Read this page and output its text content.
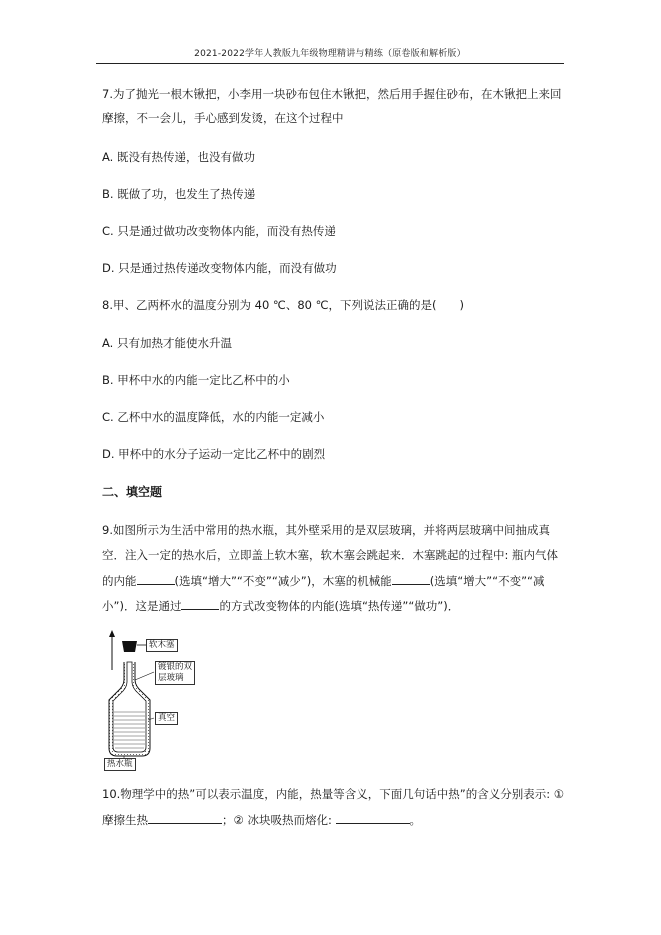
2021-2022学年人教版九年级物理精讲与精练（原卷版和解析版）
7.为了抛光一根木锹把，小李用一块砂布包住木锹把，然后用手握住砂布，在木锹把上来回
摩擦，不一会儿，手心感到发烫，在这个过程中
A. 既没有热传递，也没有做功
B. 既做了功，也发生了热传递
C. 只是通过做功改变物体内能，而没有热传递
D. 只是通过热传递改变物体内能，而没有做功
8.甲、乙两杯水的温度分别为 40 ℃、80 ℃，下列说法正确的是(　　)
A. 只有加热才能使水升温
B. 甲杯中水的内能一定比乙杯中的小
C. 乙杯中水的温度降低，水的内能一定减小
D. 甲杯中的水分子运动一定比乙杯中的剧烈
二、填空题
9.如图所示为生活中常用的热水瓶，其外壁采用的是双层玻璃，并将两层玻璃中间抽成真
空．注入一定的热水后，立即盖上软木塞，软木塞会跳起来．木塞跳起的过程中: 瓶内气体
的内能	(选填“增大”“不变”“减少”)，木塞的机械能	(选填“增大”“不变”“减
小”)．这是通过	的方式改变物体的内能(选填“热传递”“做功”)．
软木塞
镀银的双
层玻璃
真空
热水瓶
10.物理学中的热”可以表示温度，内能，热量等含义，下面几句话中热”的含义分别表示: ①
摩擦生热	；② 冰块吸热而熔化:	。
